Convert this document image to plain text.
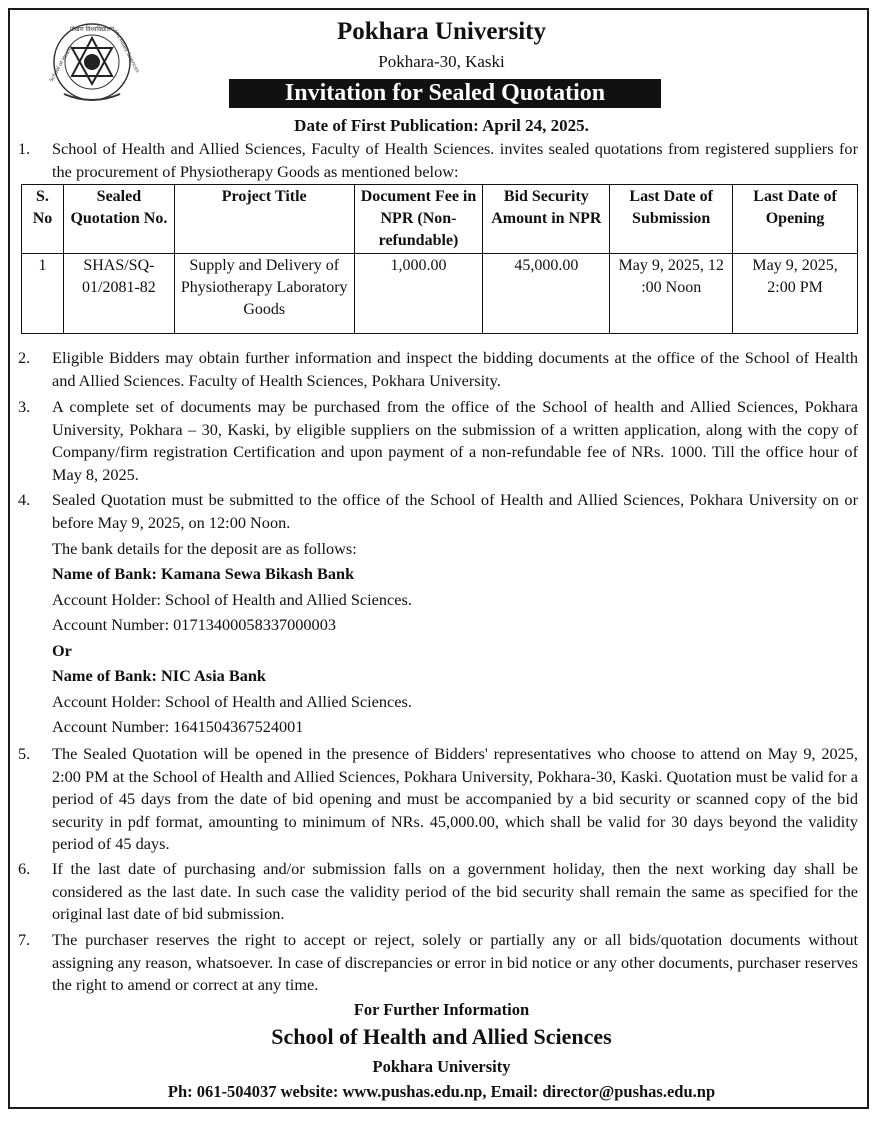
पोखरा विश्वविद्यालय
School of Health	and Allied Sciences	Pokhara University
Pokhara-30, Kaski
Invitation for Sealed Quotation
Date of First Publication: April 24, 2025.
1. School of Health and Allied Sciences, Faculty of Health Sciences. invites sealed quotations from registered suppliers for the procurement of Physiotherapy Goods as mentioned below:
S. No	Sealed Quotation No.	Project Title	Document Fee in NPR (Non-refundable)	Bid Security Amount in NPR	Last Date of Submission	Last Date of Opening
1	SHAS/SQ-01/2081-82	Supply and Delivery of Physiotherapy Laboratory Goods	1,000.00	45,000.00	May 9, 2025, 12 :00 Noon	May 9, 2025, 2:00 PM
2. Eligible Bidders may obtain further information and inspect the bidding documents at the office of the School of Health and Allied Sciences. Faculty of Health Sciences, Pokhara University.
3. A complete set of documents may be purchased from the office of the School of health and Allied Sciences, Pokhara University, Pokhara – 30, Kaski, by eligible suppliers on the submission of a written application, along with the copy of Company/firm registration Certification and upon payment of a non-refundable fee of NRs. 1000. Till the office hour of May 8, 2025.
4. Sealed Quotation must be submitted to the office of the School of Health and Allied Sciences, Pokhara University on or before May 9, 2025, on 12:00 Noon.
The bank details for the deposit are as follows:
Name of Bank: Kamana Sewa Bikash Bank
Account Holder: School of Health and Allied Sciences.
Account Number: 01713400058337000003
Or
Name of Bank: NIC Asia Bank
Account Holder: School of Health and Allied Sciences.
Account Number: 1641504367524001
5. The Sealed Quotation will be opened in the presence of Bidders' representatives who choose to attend on May 9, 2025, 2:00 PM at the School of Health and Allied Sciences, Pokhara University, Pokhara-30, Kaski. Quotation must be valid for a period of 45 days from the date of bid opening and must be accompanied by a bid security or scanned copy of the bid security in pdf format, amounting to minimum of NRs. 45,000.00, which shall be valid for 30 days beyond the validity period of 45 days.
6. If the last date of purchasing and/or submission falls on a government holiday, then the next working day shall be considered as the last date. In such case the validity period of the bid security shall remain the same as specified for the original last date of bid submission.
7. The purchaser reserves the right to accept or reject, solely or partially any or all bids/quotation documents without assigning any reason, whatsoever. In case of discrepancies or error in bid notice or any other documents, purchaser reserves the right to amend or correct at any time.
For Further Information
School of Health and Allied Sciences
Pokhara University
Ph: 061-504037 website: www.pushas.edu.np, Email: director@pushas.edu.np
